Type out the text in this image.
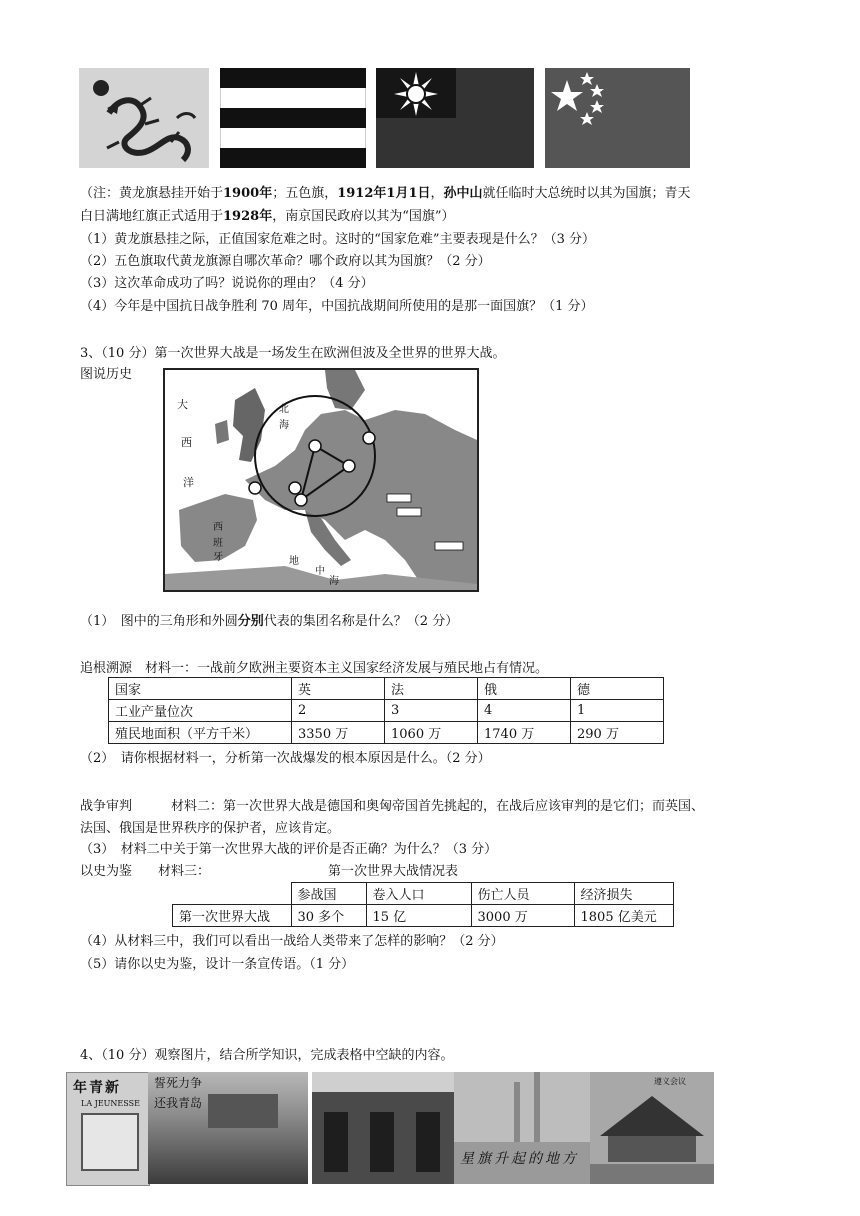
（注：黄龙旗悬挂开始于1900年；五色旗，1912年1月1日，孙中山就任临时大总统时以其为国旗；青天
白日满地红旗正式适用于1928年，南京国民政府以其为“国旗”）
（1）黄龙旗悬挂之际，正值国家危难之时。这时的“国家危难”主要表现是什么？（3 分）
（2）五色旗取代黄龙旗源自哪次革命？哪个政府以其为国旗？（2 分）
（3）这次革命成功了吗？说说你的理由？（4 分）
（4）今年是中国抗日战争胜利 70 周年，中国抗战期间所使用的是那一面国旗？（1 分）
3、（10 分）第一次世界大战是一场发生在欧洲但波及全世界的世界大战。
图说历史
大
西
洋
北
海
西
班
牙	地
中
海
（1）　图中的三角形和外圆分别代表的集团名称是什么？（2 分）
追根溯源　材料一：一战前夕欧洲主要资本主义国家经济发展与殖民地占有情况。
国家	英	法	俄	德
工业产量位次	2	3	4	1
殖民地面积（平方千米）	3350 万	1060 万	1740 万	290 万
（2）　请你根据材料一，分析第一次战爆发的根本原因是什么。（2 分）
战争审判　　　材料二：第一次世界大战是德国和奥匈帝国首先挑起的，在战后应该审判的是它们；而英国、
法国、俄国是世界秩序的保护者，应该肯定。
（3）　材料二中关于第一次世界大战的评价是否正确？为什么？（3 分）
以史为鉴　　材料三：	第一次世界大战情况表
	参战国	卷入人口	伤亡人员	经济损失
第一次世界大战	30 多个	15 亿	3000 万	1805 亿美元
（4）从材料三中，我们可以看出一战给人类带来了怎样的影响？（2 分）
（5）请你以史为鉴，设计一条宣传语。（1 分）
4、（10 分）观察图片，结合所学知识，完成表格中空缺的内容。
年青新
LA JEUNESSE
誓死力争
还我青岛
星旗升起的地方
遵义会议
